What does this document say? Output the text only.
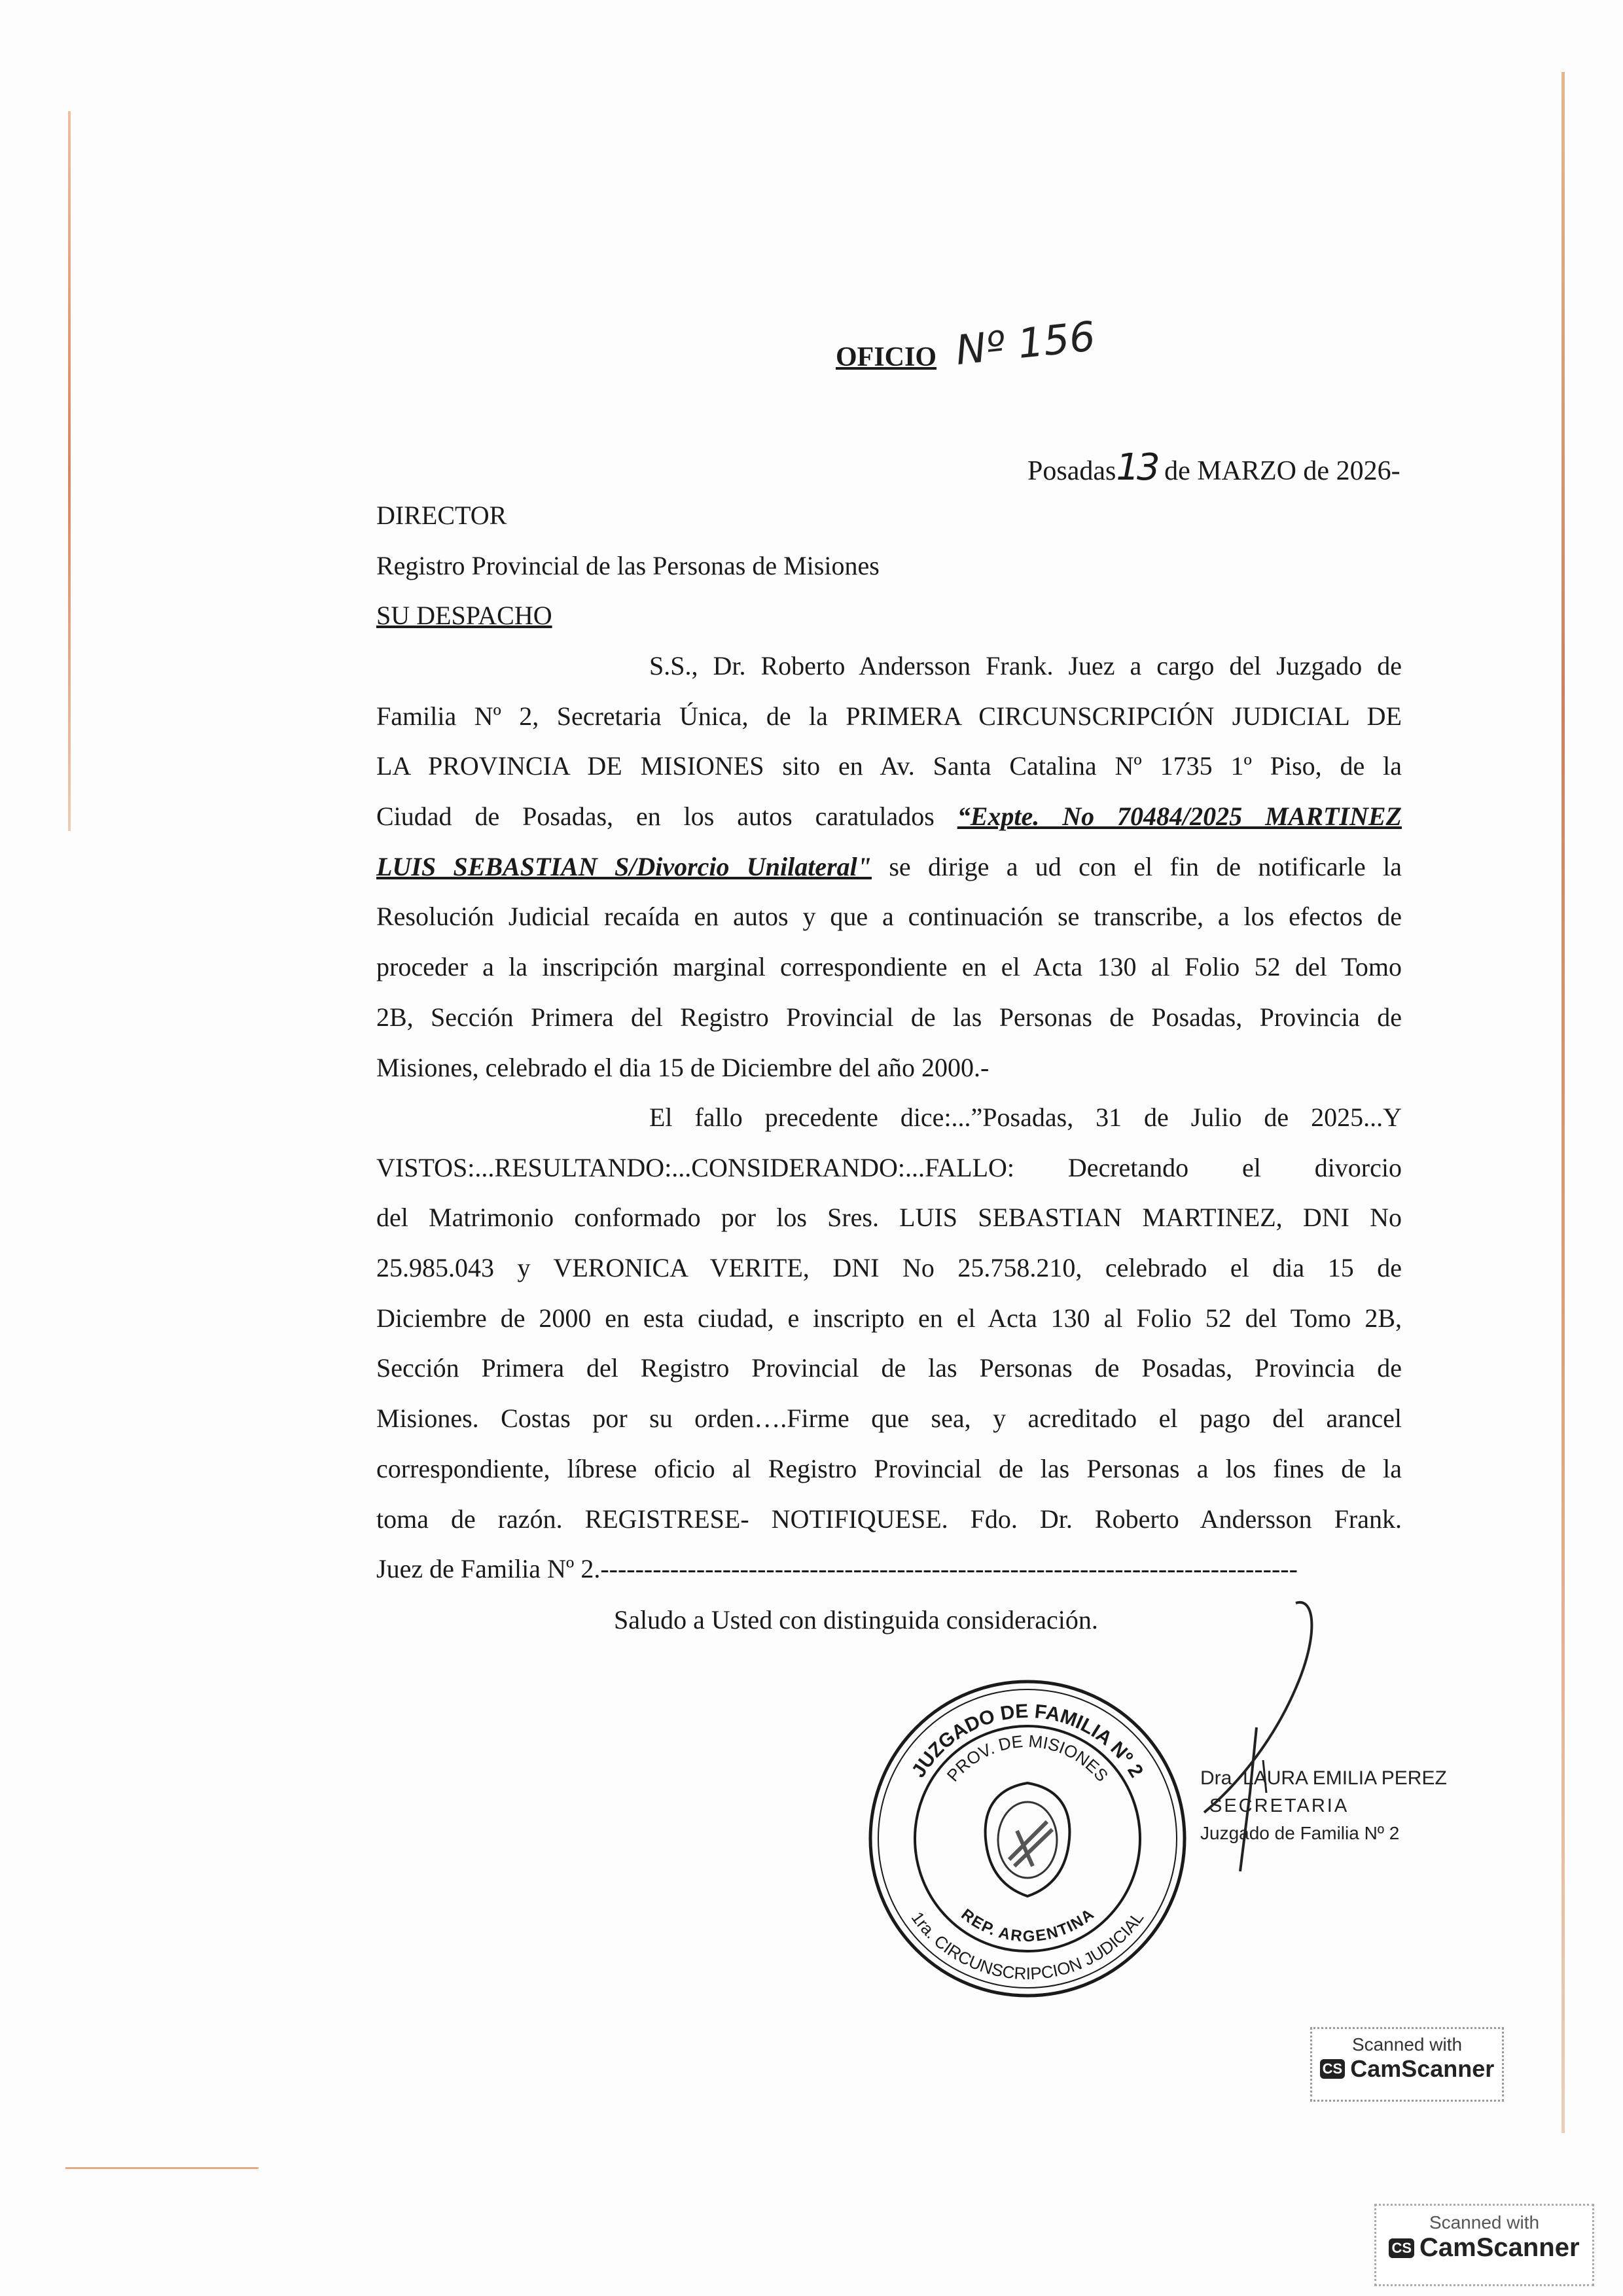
OFICIO Nº 156
Posadas13 de MARZO de 2026-
DIRECTOR
Registro Provincial de las Personas de Misiones
SU DESPACHO
S.S., Dr. Roberto Andersson Frank. Juez a cargo del Juzgado de
Familia Nº 2, Secretaria Única, de la PRIMERA CIRCUNSCRIPCIÓN JUDICIAL DE
LA PROVINCIA DE MISIONES sito en Av. Santa Catalina Nº 1735 1º Piso, de la
Ciudad de Posadas, en los autos caratulados “Expte. No 70484/2025 MARTINEZ
LUIS SEBASTIAN S/Divorcio Unilateral" se dirige a ud con el fin de notificarle la
Resolución Judicial recaída en autos y que a continuación se transcribe, a los efectos de
proceder a la inscripción marginal correspondiente en el Acta 130 al Folio 52 del Tomo
2B, Sección Primera del Registro Provincial de las Personas de Posadas, Provincia de
Misiones, celebrado el dia 15 de Diciembre del año 2000.-
El fallo precedente dice:...”Posadas, 31 de Julio de 2025...Y
VISTOS:...RESULTANDO:...CONSIDERANDO:...FALLO: Decretando el divorcio
del Matrimonio conformado por los Sres. LUIS SEBASTIAN MARTINEZ, DNI No
25.985.043 y VERONICA VERITE, DNI No 25.758.210, celebrado el dia 15 de
Diciembre de 2000 en esta ciudad, e inscripto en el Acta 130 al Folio 52 del Tomo 2B,
Sección Primera del Registro Provincial de las Personas de Posadas, Provincia de
Misiones. Costas por su orden….Firme que sea, y acreditado el pago del arancel
correspondiente, líbrese oficio al Registro Provincial de las Personas a los fines de la
toma de razón. REGISTRESE- NOTIFIQUESE. Fdo. Dr. Roberto Andersson Frank.
Juez de Familia Nº 2.--------------------------------------------------------------------------------
Saludo a Usted con distinguida consideración.
JUZGADO DE FAMILIA Nº 2
1ra. CIRCUNSCRIPCION JUDICIAL
PROV. DE MISIONES
REP. ARGENTINA
Dra. LAURA EMILIA PEREZ
SECRETARIA
Juzgado de Familia Nº 2
Scanned with
CS CamScanner
Scanned with
CS CamScanner
